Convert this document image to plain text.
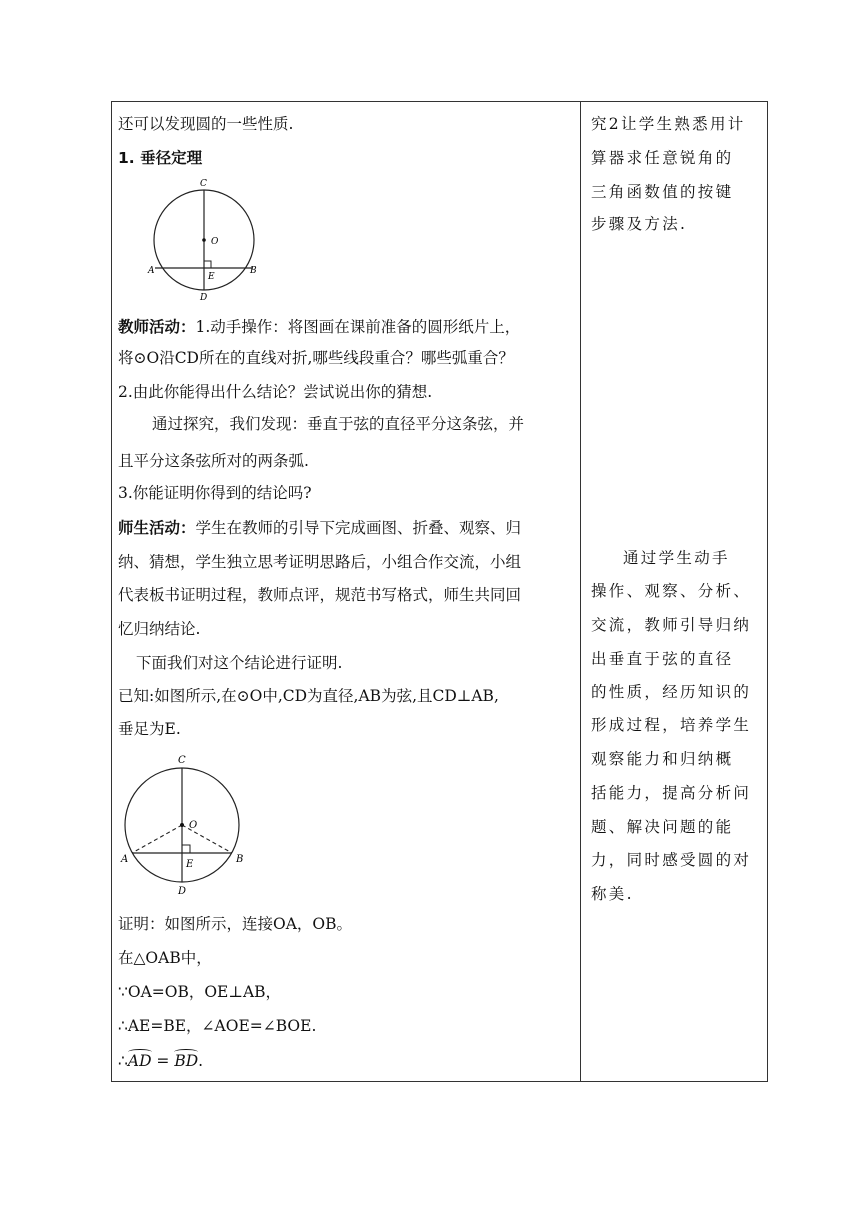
还可以发现圆的一些性质.
1. 垂径定理
C
O
A	B
E
D
教师活动：1.动手操作：将图画在课前准备的圆形纸片上，
将⊙O沿CD所在的直线对折,哪些线段重合？哪些弧重合？
2.由此你能得出什么结论？尝试说出你的猜想.
通过探究，我们发现：垂直于弦的直径平分这条弦，并
且平分这条弦所对的两条弧.
3.你能证明你得到的结论吗?
师生活动：学生在教师的引导下完成画图、折叠、观察、归
纳、猜想，学生独立思考证明思路后，小组合作交流，小组
代表板书证明过程，教师点评，规范书写格式，师生共同回
忆归纳结论.
下面我们对这个结论进行证明.
已知:如图所示,在⊙O中,CD为直径,AB为弦,且CD⊥AB,
垂足为E.
C
O
A	B
E
D
证明：如图所示，连接OA，OB。
在△OAB中，
∵OA=OB，OE⊥AB，
∴AE=BE，∠AOE=∠BOE.
∴AD = BD.
究2让学生熟悉用计
算器求任意锐角的
三角函数值的按键
步骤及方法.
通过学生动手
操作、观察、分析、
交流，教师引导归纳
出垂直于弦的直径
的性质，经历知识的
形成过程，培养学生
观察能力和归纳概
括能力，提高分析问
题、解决问题的能
力，同时感受圆的对
称美.
